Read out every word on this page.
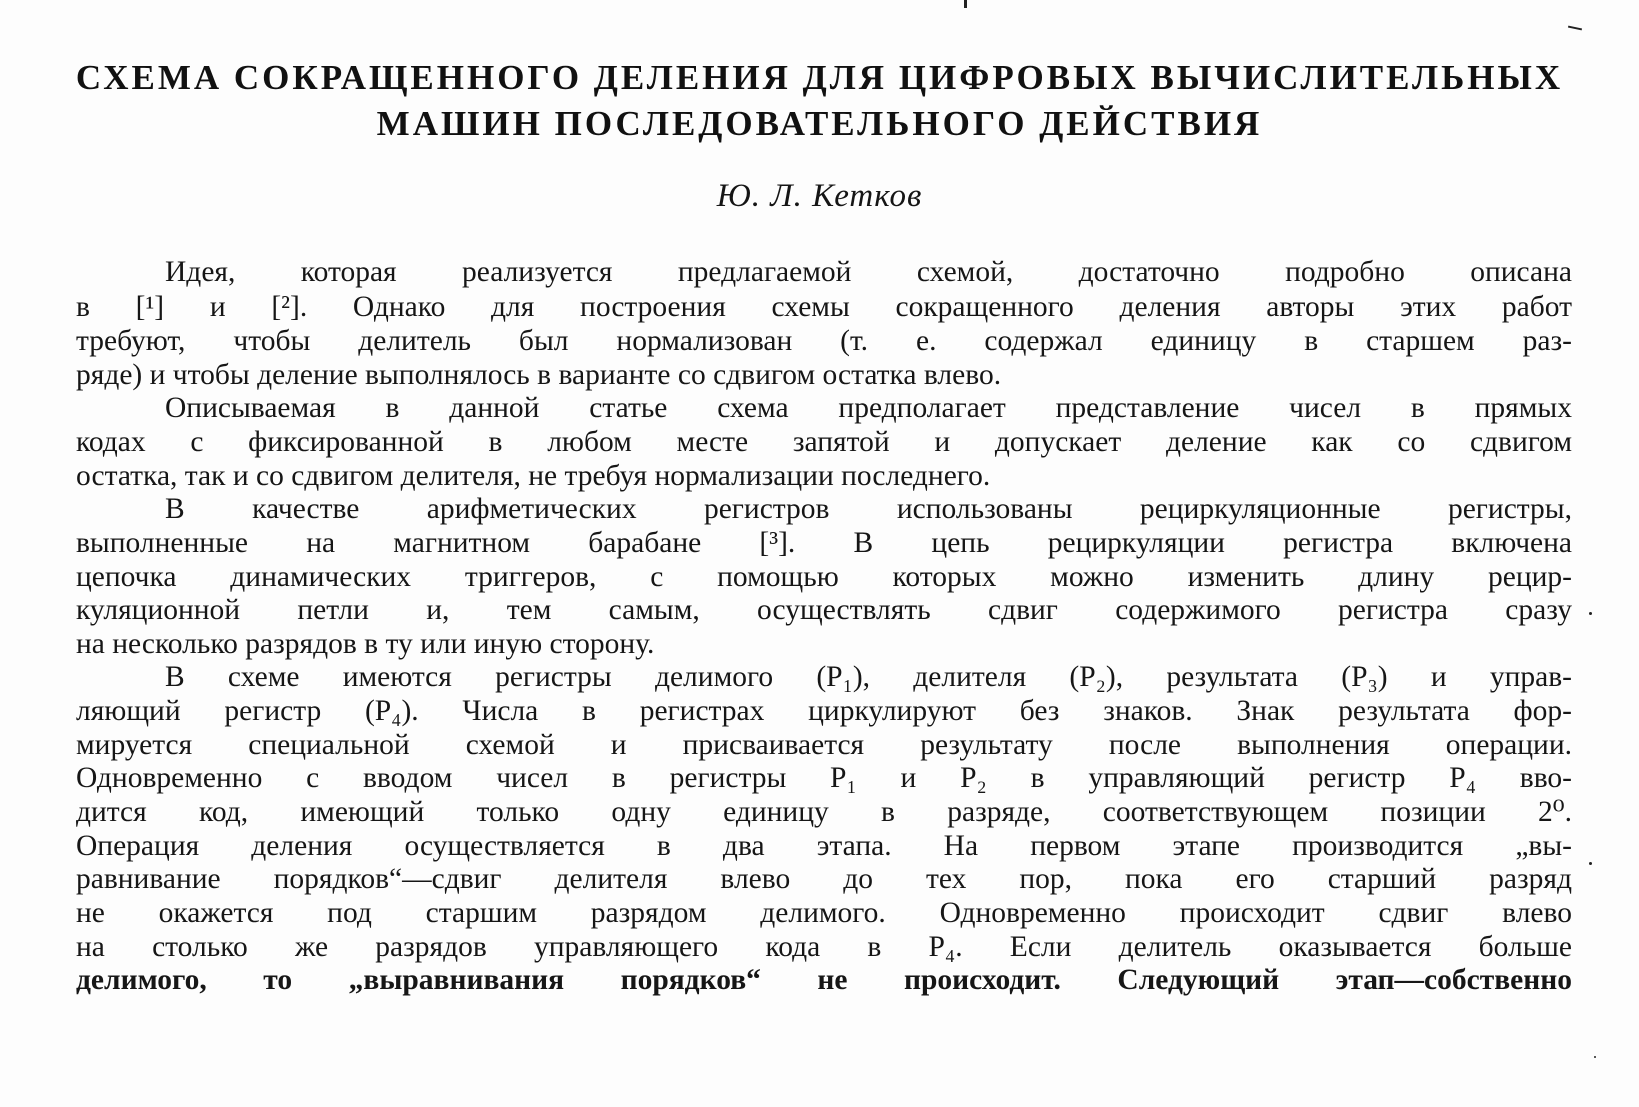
СХЕМА СОКРАЩЕННОГО ДЕЛЕНИЯ ДЛЯ ЦИФРОВЫХ ВЫЧИСЛИТЕЛЬНЫХ
МАШИН ПОСЛЕДОВАТЕЛЬНОГО ДЕЙСТВИЯ
Ю. Л. Кетков
Идея, которая реализуется предлагаемой схемой, достаточно подробно описана
в [¹] и [²]. Однако для построения схемы сокращенного деления авторы этих работ
требуют, чтобы делитель был нормализован (т. е. содержал единицу в старшем раз-
ряде) и чтобы деление выполнялось в варианте со сдвигом остатка влево.
Описываемая в данной статье схема предполагает представление чисел в прямых
кодах с фиксированной в любом месте запятой и допускает деление как со сдвигом
остатка, так и со сдвигом делителя, не требуя нормализации последнего.
В качестве арифметических регистров использованы рециркуляционные регистры,
выполненные на магнитном барабане [³]. В цепь рециркуляции регистра включена
цепочка динамических триггеров, с помощью которых можно изменить длину рецир-
куляционной петли и, тем самым, осуществлять сдвиг содержимого регистра сразу
на несколько разрядов в ту или иную сторону.
В схеме имеются регистры делимого (P₁), делителя (P₂), результата (P₃) и управ-
ляющий регистр (P₄). Числа в регистрах циркулируют без знаков. Знак результата фор-
мируется специальной схемой и присваивается результату после выполнения операции.
Одновременно с вводом чисел в регистры P₁ и P₂ в управляющий регистр P₄ вво-
дится код, имеющий только одну единицу в разряде, соответствующем позиции 2⁰.
Операция деления осуществляется в два этапа. На первом этапе производится „вы-
равнивание порядков“—сдвиг делителя влево до тех пор, пока его старший разряд
не окажется под старшим разрядом делимого. Одновременно происходит сдвиг влево
на столько же разрядов управляющего кода в P₄. Если делитель оказывается больше
делимого, то „выравнивания порядков“ не происходит. Следующий этап—собственно
